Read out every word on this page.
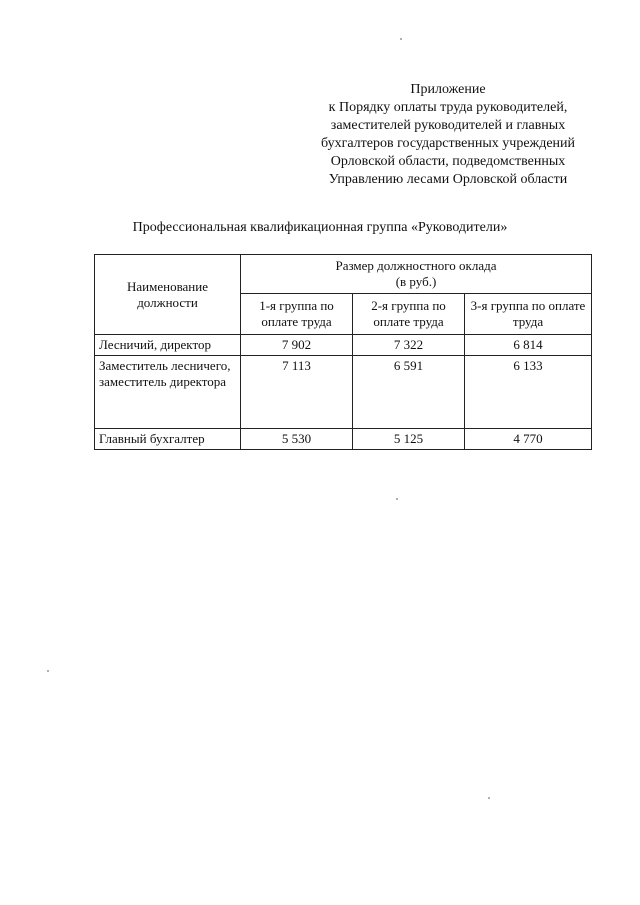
Приложение
к Порядку оплаты труда руководителей,
заместителей руководителей и главных
бухгалтеров государственных учреждений
Орловской области, подведомственных
Управлению лесами Орловской области
Профессиональная квалификационная группа «Руководители»
Наименование должности	Размер должностного оклада
(в руб.)		

	1-я группа по оплате труда	2-я группа по оплате труда	3-я группа по оплате труда
Лесничий, директор	7 902	7 322	6 814
Заместитель лесничего, заместитель директора	7 113	6 591	6 133
Главный бухгалтер	5 530	5 125	4 770
